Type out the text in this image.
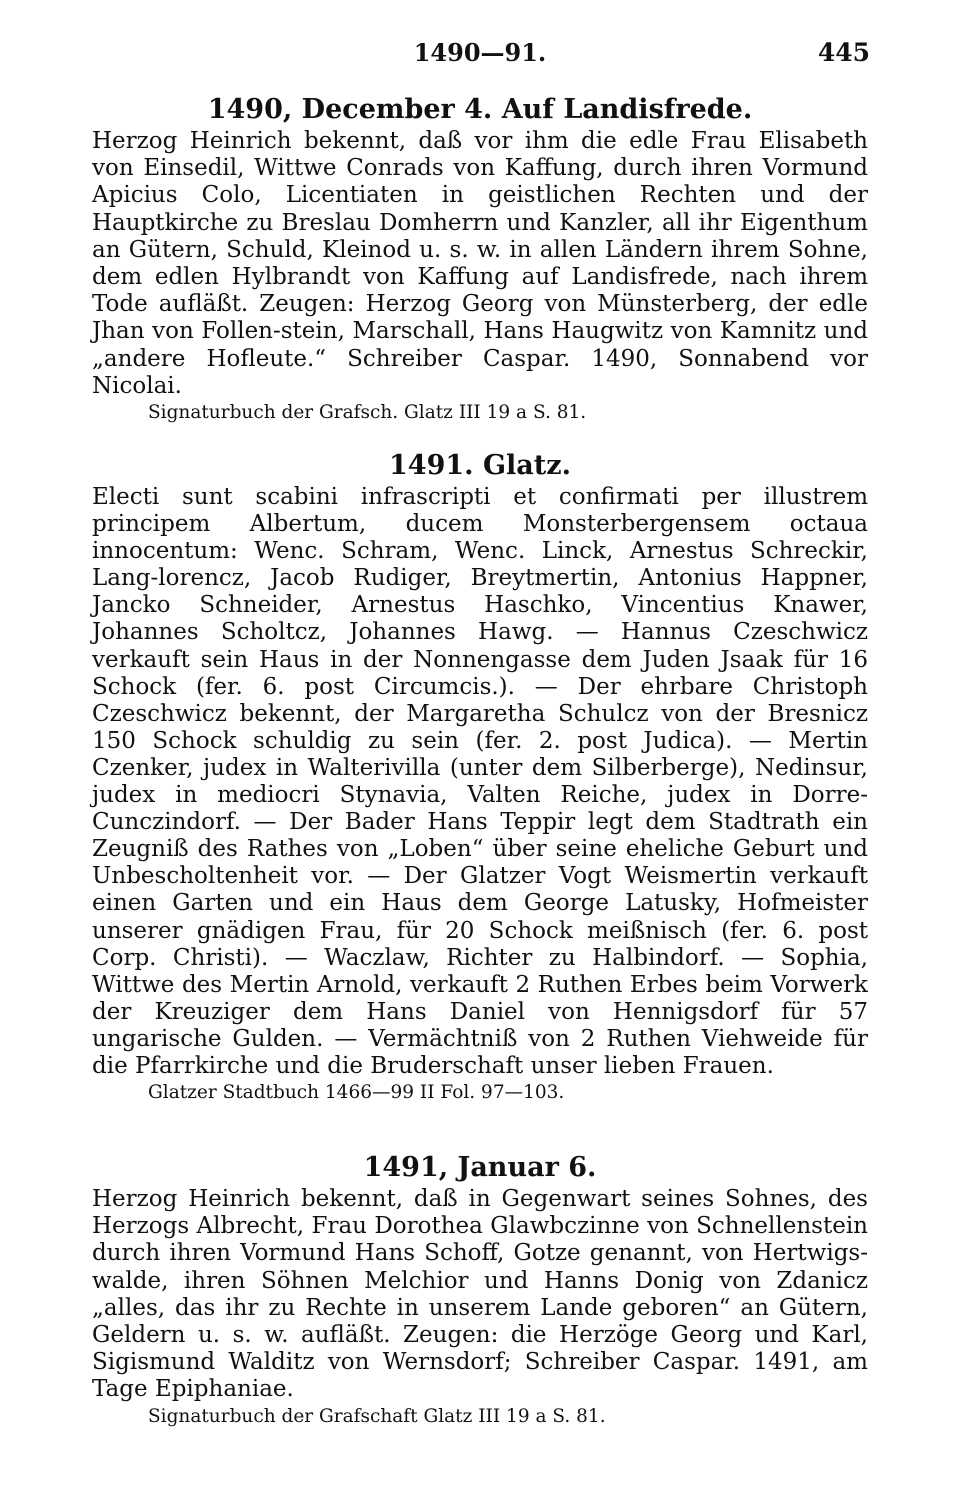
1490—91.	445
1490, December 4. Auf Landisfrede.

Herzog Heinrich bekennt, daß vor ihm die edle Frau Elisabeth von Einsedil, Wittwe Conrads von Kaffung, durch ihren Vormund Apicius Colo, Licentiaten in geistlichen Rechten und der Hauptkirche zu Breslau Domherrn und Kanzler, all ihr Eigenthum an Gütern, Schuld, Kleinod u. s. w. in allen Ländern ihrem Sohne, dem edlen Hylbrandt von Kaffung auf Landisfrede, nach ihrem Tode aufläßt. Zeugen: Herzog Georg von Münsterberg, der edle Jhan von Follen-stein, Marschall, Hans Haugwitz von Kamnitz und „andere Hofleute.“ Schreiber Caspar. 1490, Sonnabend vor Nicolai.

Signaturbuch der Grafsch. Glatz III 19 a S. 81.

1491. Glatz.

Electi sunt scabini infrascripti et confirmati per illustrem principem Albertum, ducem Monsterbergensem octaua innocentum: Wenc. Schram, Wenc. Linck, Arnestus Schreckir, Lang-lorencz, Jacob Rudiger, Breytmertin, Antonius Happner, Jancko Schneider, Arnestus Haschko, Vincentius Knawer, Johannes Scholtcz, Johannes Hawg. — Hannus Czeschwicz verkauft sein Haus in der Nonnengasse dem Juden Jsaak für 16 Schock (fer. 6. post Circumcis.). — Der ehrbare Christoph Czeschwicz bekennt, der Margaretha Schulcz von der Bresnicz 150 Schock schuldig zu sein (fer. 2. post Judica). — Mertin Czenker, judex in Walterivilla (unter dem Silberberge), Nedinsur, judex in mediocri Stynavia, Valten Reiche, judex in Dorre-Cunczindorf. — Der Bader Hans Teppir legt dem Stadtrath ein Zeugniß des Rathes von „Loben“ über seine eheliche Geburt und Unbescholtenheit vor. — Der Glatzer Vogt Weismertin verkauft einen Garten und ein Haus dem George Latusky, Hofmeister unserer gnädigen Frau, für 20 Schock meißnisch (fer. 6. post Corp. Christi). — Waczlaw, Richter zu Halbindorf. — Sophia, Wittwe des Mertin Arnold, verkauft 2 Ruthen Erbes beim Vorwerk der Kreuziger dem Hans Daniel von Hennigsdorf für 57 ungarische Gulden. — Vermächtniß von 2 Ruthen Viehweide für die Pfarrkirche und die Bruderschaft unser lieben Frauen.

Glatzer Stadtbuch 1466—99 II Fol. 97—103.

1491, Januar 6.

Herzog Heinrich bekennt, daß in Gegenwart seines Sohnes, des Herzogs Albrecht, Frau Dorothea Glawbczinne von Schnellenstein durch ihren Vormund Hans Schoff, Gotze genannt, von Hertwigs-walde, ihren Söhnen Melchior und Hanns Donig von Zdanicz „alles, das ihr zu Rechte in unserem Lande geboren“ an Gütern, Geldern u. s. w. aufläßt. Zeugen: die Herzöge Georg und Karl, Sigismund Walditz von Wernsdorf; Schreiber Caspar. 1491, am Tage Epiphaniae.

Signaturbuch der Grafschaft Glatz III 19 a S. 81.
